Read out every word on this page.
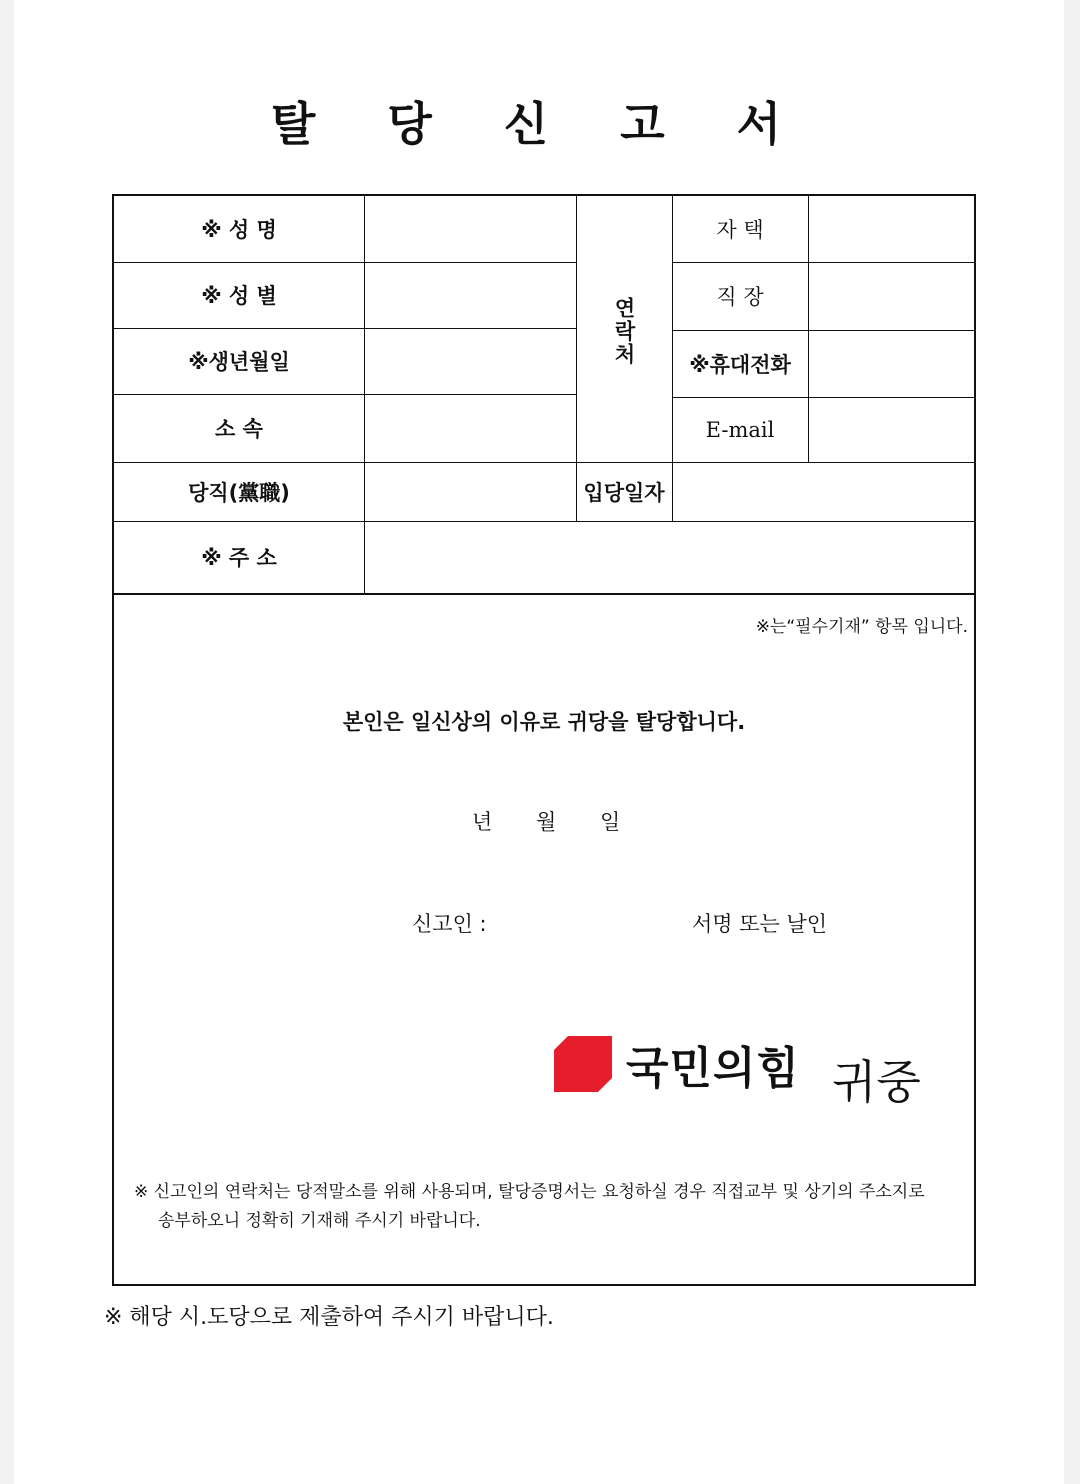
탈 당 신 고 서
※ 성 명
※ 성 별
※생년월일
소 속
당직(黨職)
※ 주 소
연락처
자 택
직 장
※휴대전화
E-mail
입당일자
※는“필수기재” 항목 입니다.
본인은 일신상의 이유로 귀당을 탈당합니다.
년 월 일
신고인 :	서명 또는 날인
국민의힘 귀중
※ 신고인의 연락처는 당적말소를 위해 사용되며, 탈당증명서는 요청하실 경우 직접교부 및 상기의 주소지로
송부하오니 정확히 기재해 주시기 바랍니다.
※ 해당 시.도당으로 제출하여 주시기 바랍니다.
